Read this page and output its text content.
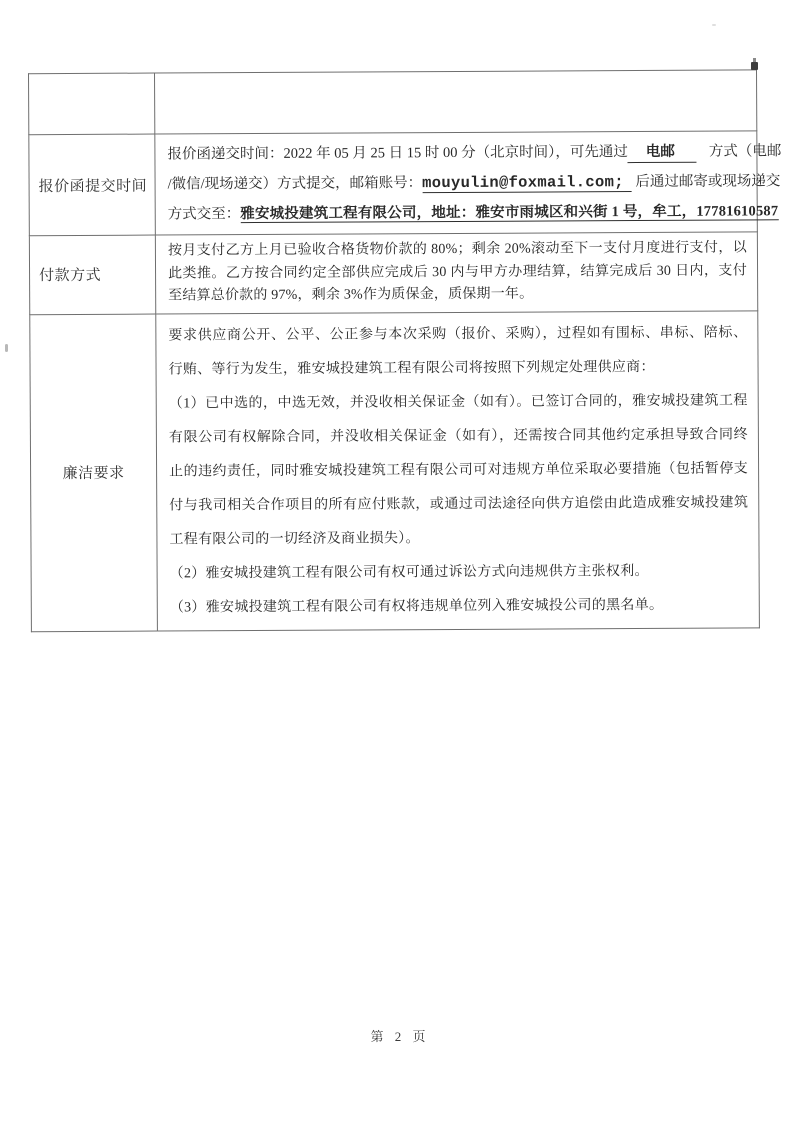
报价函提交时间	报价函递交时间：2022 年 05 月 25 日 15 时 00 分（北京时间），可先通过 电邮 方式（电邮
/微信/现场递交）方式提交，邮箱账号：mouyulin@foxmail.com; 后通过邮寄或现场递交
方式交至：雅安城投建筑工程有限公司，地址：雅安市雨城区和兴街 1 号，牟工，17781610587

付款方式	按月支付乙方上月已验收合格货物价款的 80%；剩余 20%滚动至下一支付月度进行支付，以此类推。乙方按合同约定全部供应完成后 30 内与甲方办理结算，结算完成后 30 日内，支付至结算总价款的 97%，剩余 3%作为质保金，质保期一年。

廉洁要求	要求供应商公开、公平、公正参与本次采购（报价、采购），过程如有围标、串标、陪标、行贿、等行为发生，雅安城投建筑工程有限公司将按照下列规定处理供应商：

（1）已中选的，中选无效，并没收相关保证金（如有）。已签订合同的，雅安城投建筑工程有限公司有权解除合同，并没收相关保证金（如有），还需按合同其他约定承担导致合同终止的违约责任，同时雅安城投建筑工程有限公司可对违规方单位采取必要措施（包括暂停支付与我司相关合作项目的所有应付账款，或通过司法途径向供方追偿由此造成雅安城投建筑工程有限公司的一切经济及商业损失）。

（2）雅安城投建筑工程有限公司有权可通过诉讼方式向违规供方主张权利。

（3）雅安城投建筑工程有限公司有权将违规单位列入雅安城投公司的黑名单。

第 2 页
